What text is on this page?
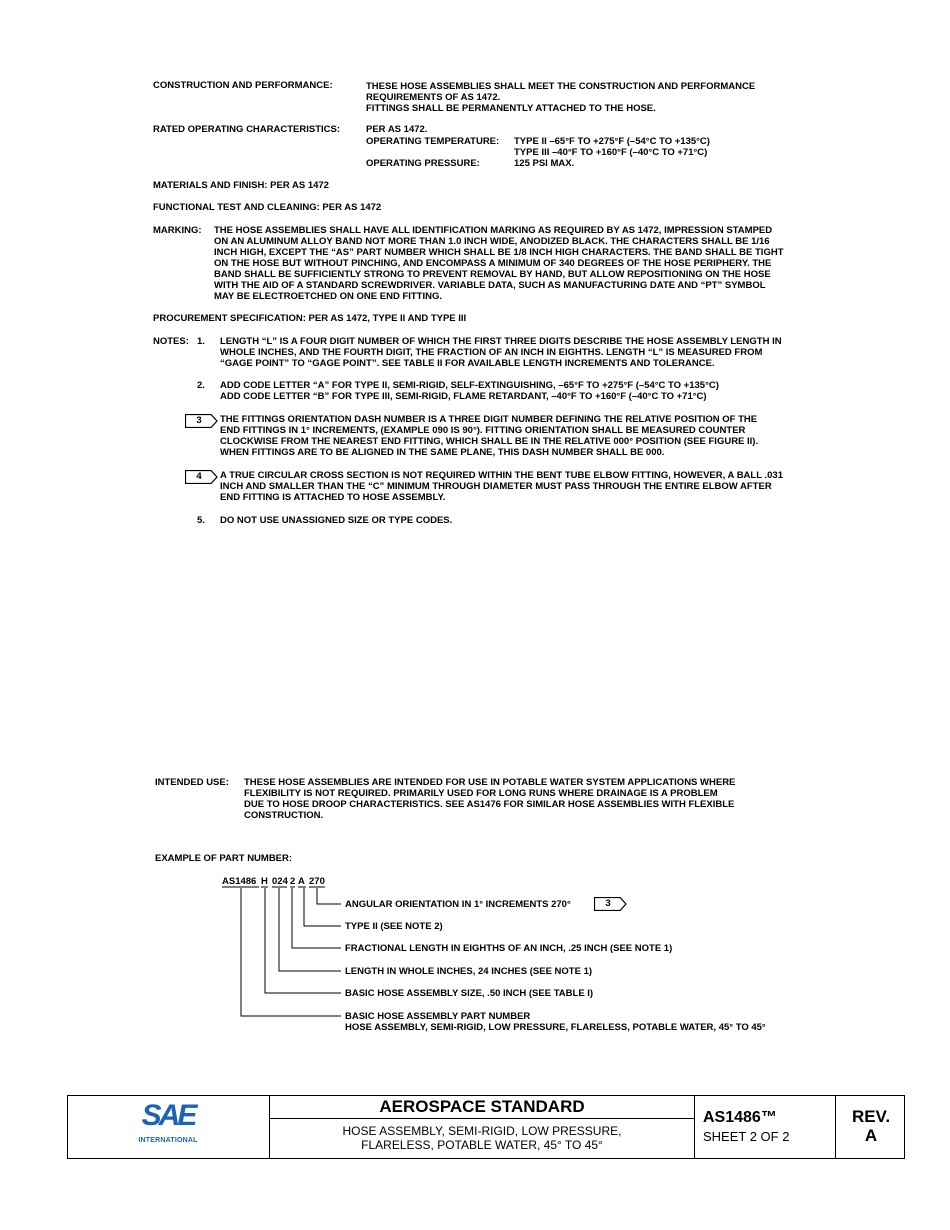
CONSTRUCTION AND PERFORMANCE:	THESE HOSE ASSEMBLIES SHALL MEET THE CONSTRUCTION AND PERFORMANCE
REQUIREMENTS OF AS 1472.
FITTINGS SHALL BE PERMANENTLY ATTACHED TO THE HOSE.
RATED OPERATING CHARACTERISTICS:	PER AS 1472.
OPERATING TEMPERATURE: TYPE II –65°F TO +275°F (–54°C TO +135°C)
TYPE III –40°F TO +160°F (–40°C TO +71°C)
OPERATING PRESSURE:	125 PSI MAX.
MATERIALS AND FINISH: PER AS 1472
FUNCTIONAL TEST AND CLEANING: PER AS 1472
MARKING: THE HOSE ASSEMBLIES SHALL HAVE ALL IDENTIFICATION MARKING AS REQUIRED BY AS 1472, IMPRESSION STAMPED
ON AN ALUMINUM ALLOY BAND NOT MORE THAN 1.0 INCH WIDE, ANODIZED BLACK. THE CHARACTERS SHALL BE 1/16
INCH HIGH, EXCEPT THE “AS” PART NUMBER WHICH SHALL BE 1/8 INCH HIGH CHARACTERS. THE BAND SHALL BE TIGHT
ON THE HOSE BUT WITHOUT PINCHING, AND ENCOMPASS A MINIMUM OF 340 DEGREES OF THE HOSE PERIPHERY. THE
BAND SHALL BE SUFFICIENTLY STRONG TO PREVENT REMOVAL BY HAND, BUT ALLOW REPOSITIONING ON THE HOSE
WITH THE AID OF A STANDARD SCREWDRIVER. VARIABLE DATA, SUCH AS MANUFACTURING DATE AND “PT” SYMBOL
MAY BE ELECTROETCHED ON ONE END FITTING.
PROCUREMENT SPECIFICATION: PER AS 1472, TYPE II AND TYPE III
NOTES: 1. LENGTH “L” IS A FOUR DIGIT NUMBER OF WHICH THE FIRST THREE DIGITS DESCRIBE THE HOSE ASSEMBLY LENGTH IN
WHOLE INCHES, AND THE FOURTH DIGIT, THE FRACTION OF AN INCH IN EIGHTHS. LENGTH “L” IS MEASURED FROM
“GAGE POINT” TO “GAGE POINT”. SEE TABLE II FOR AVAILABLE LENGTH INCREMENTS AND TOLERANCE.
2. ADD CODE LETTER “A” FOR TYPE II, SEMI-RIGID, SELF-EXTINGUISHING, –65°F TO +275°F (–54°C TO +135°C)
ADD CODE LETTER “B” FOR TYPE III, SEMI-RIGID, FLAME RETARDANT, –40°F TO +160°F (–40°C TO +71°C)
3	THE FITTINGS ORIENTATION DASH NUMBER IS A THREE DIGIT NUMBER DEFINING THE RELATIVE POSITION OF THE
END FITTINGS IN 1° INCREMENTS, (EXAMPLE 090 IS 90°). FITTING ORIENTATION SHALL BE MEASURED COUNTER
CLOCKWISE FROM THE NEAREST END FITTING, WHICH SHALL BE IN THE RELATIVE 000° POSITION (SEE FIGURE II).
WHEN FITTINGS ARE TO BE ALIGNED IN THE SAME PLANE, THIS DASH NUMBER SHALL BE 000.
4	A TRUE CIRCULAR CROSS SECTION IS NOT REQUIRED WITHIN THE BENT TUBE ELBOW FITTING, HOWEVER, A BALL .031
INCH AND SMALLER THAN THE “C” MINIMUM THROUGH DIAMETER MUST PASS THROUGH THE ENTIRE ELBOW AFTER
END FITTING IS ATTACHED TO HOSE ASSEMBLY.
5. DO NOT USE UNASSIGNED SIZE OR TYPE CODES.
INTENDED USE: THESE HOSE ASSEMBLIES ARE INTENDED FOR USE IN POTABLE WATER SYSTEM APPLICATIONS WHERE
FLEXIBILITY IS NOT REQUIRED. PRIMARILY USED FOR LONG RUNS WHERE DRAINAGE IS A PROBLEM
DUE TO HOSE DROOP CHARACTERISTICS. SEE AS1476 FOR SIMILAR HOSE ASSEMBLIES WITH FLEXIBLE
CONSTRUCTION.
EXAMPLE OF PART NUMBER:
AS1486 H 024 2 A 270
ANGULAR ORIENTATION IN 1° INCREMENTS 270°	3
TYPE II (SEE NOTE 2)
FRACTIONAL LENGTH IN EIGHTHS OF AN INCH, .25 INCH (SEE NOTE 1)
LENGTH IN WHOLE INCHES, 24 INCHES (SEE NOTE 1)
BASIC HOSE ASSEMBLY SIZE, .50 INCH (SEE TABLE I)
BASIC HOSE ASSEMBLY PART NUMBER
HOSE ASSEMBLY, SEMI-RIGID, LOW PRESSURE, FLARELESS, POTABLE WATER, 45° TO 45°
SAE
INTERNATIONAL
AEROSPACE STANDARD
HOSE ASSEMBLY, SEMI-RIGID, LOW PRESSURE,
FLARELESS, POTABLE WATER, 45° TO 45°
AS1486™
SHEET 2 OF 2
REV.
A
